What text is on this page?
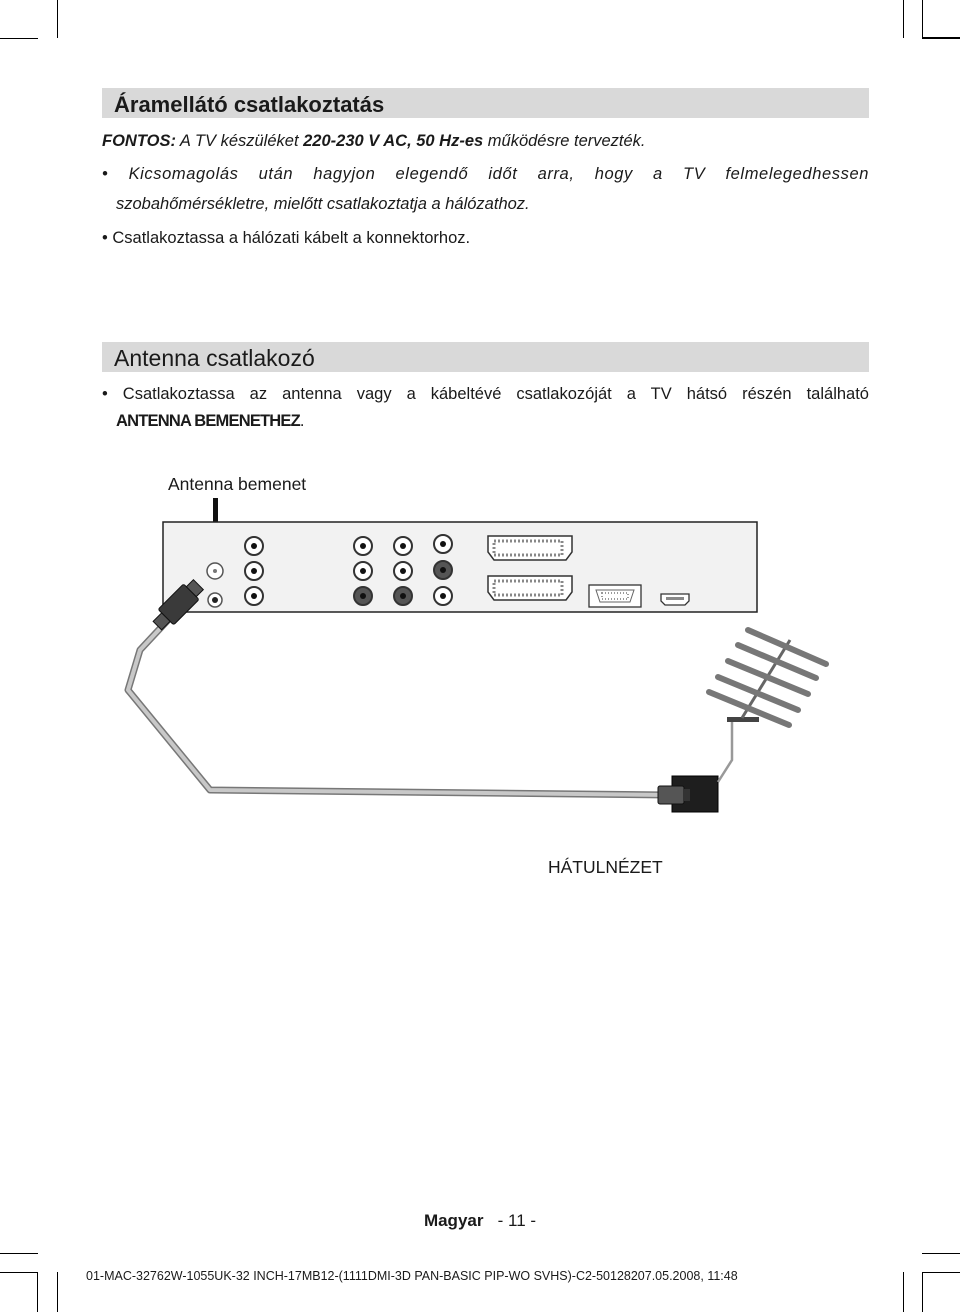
Áramellátó csatlakoztatás
FONTOS: A TV készüléket 220-230 V AC, 50 Hz-es működésre tervezték.
• Kicsomagolás után hagyjon elegendő időt arra, hogy a TV felmelegedhessen
szobahőmérsékletre, mielőtt csatlakoztatja a hálózathoz.
• Csatlakoztassa a hálózati kábelt a konnektorhoz.
Antenna csatlakozó
• Csatlakoztassa az antenna vagy a kábeltévé csatlakozóját a TV hátsó részén található
ANTENNA BEMENETHEZ.
Antenna bemenet
HÁTULNÉZET
Magyar - 11 -
01-MAC-32762W-1055UK-32 INCH-17MB12-(1111DMI-3D PAN-BASIC PIP-WO SVHS)-C2-50128207.05.2008, 11:48
